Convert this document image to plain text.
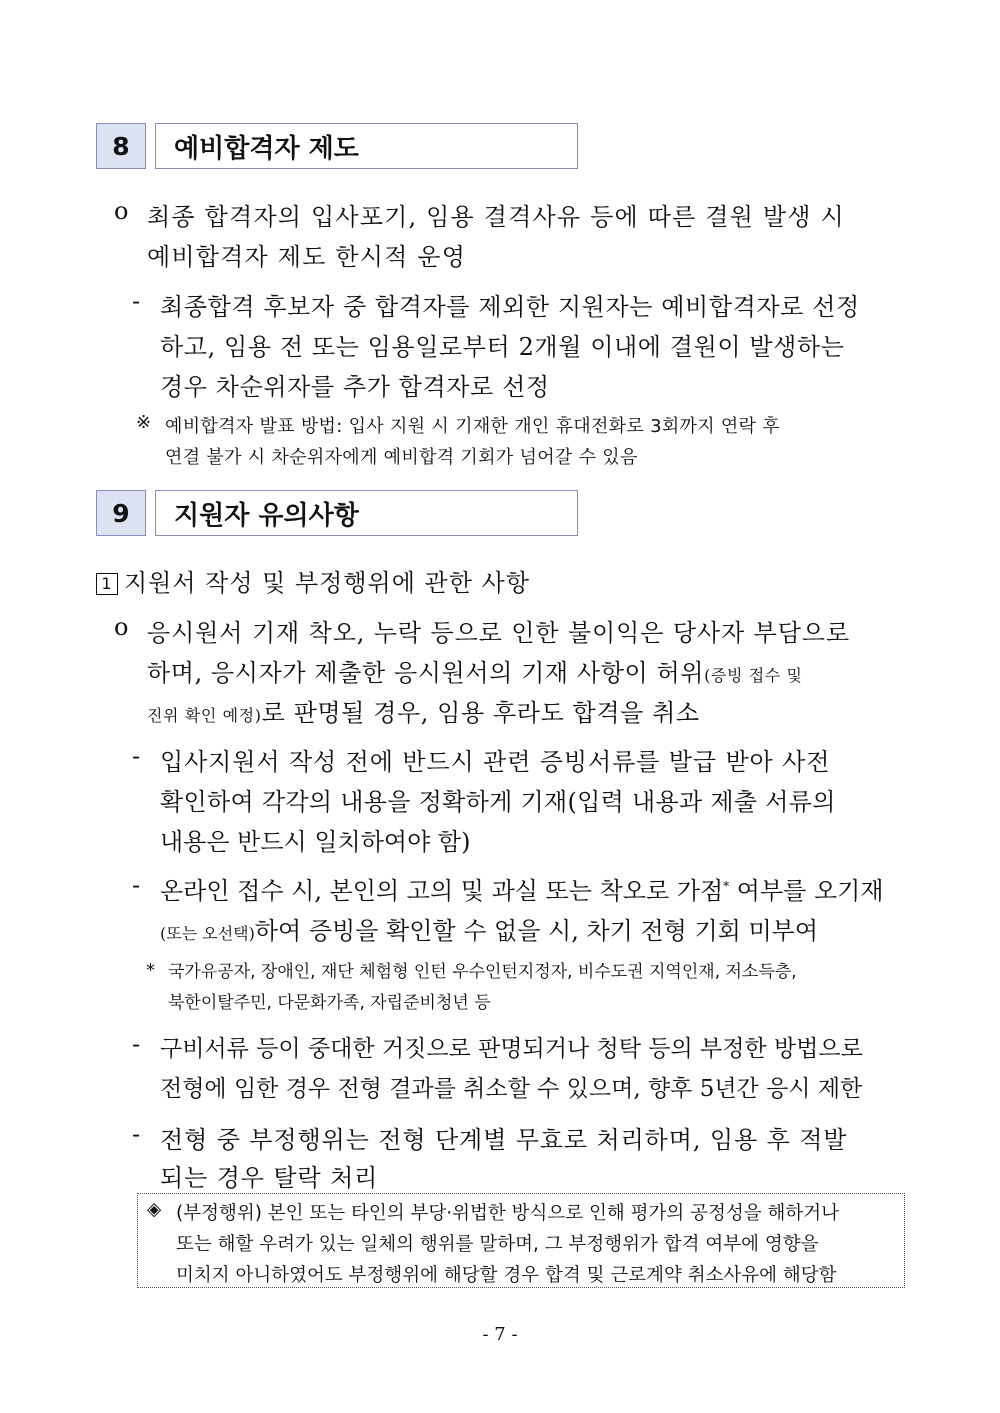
8	예비합격자 제도
o 최종 합격자의 입사포기, 임용 결격사유 등에 따른 결원 발생 시
예비합격자 제도 한시적 운영
- 최종합격 후보자 중 합격자를 제외한 지원자는 예비합격자로 선정
하고, 임용 전 또는 임용일로부터 2개월 이내에 결원이 발생하는
경우 차순위자를 추가 합격자로 선정
※ 예비합격자 발표 방법: 입사 지원 시 기재한 개인 휴대전화로 3회까지 연락 후
연결 불가 시 차순위자에게 예비합격 기회가 넘어갈 수 있음
9	지원자 유의사항
1 지원서 작성 및 부정행위에 관한 사항
o 응시원서 기재 착오, 누락 등으로 인한 불이익은 당사자 부담으로
하며, 응시자가 제출한 응시원서의 기재 사항이 허위(증빙 접수 및
진위 확인 예정)로 판명될 경우, 임용 후라도 합격을 취소
- 입사지원서 작성 전에 반드시 관련 증빙서류를 발급 받아 사전
확인하여 각각의 내용을 정확하게 기재(입력 내용과 제출 서류의
내용은 반드시 일치하여야 함)
- 온라인 접수 시, 본인의 고의 및 과실 또는 착오로 가점* 여부를 오기재
(또는 오선택)하여 증빙을 확인할 수 없을 시, 차기 전형 기회 미부여
* 국가유공자, 장애인, 재단 체험형 인턴 우수인턴지정자, 비수도권 지역인재, 저소득층,
북한이탈주민, 다문화가족, 자립준비청년 등
- 구비서류 등이 중대한 거짓으로 판명되거나 청탁 등의 부정한 방법으로
전형에 임한 경우 전형 결과를 취소할 수 있으며, 향후 5년간 응시 제한
- 전형 중 부정행위는 전형 단계별 무효로 처리하며, 임용 후 적발
되는 경우 탈락 처리
◈ (부정행위) 본인 또는 타인의 부당·위법한 방식으로 인해 평가의 공정성을 해하거나
또는 해할 우려가 있는 일체의 행위를 말하며, 그 부정행위가 합격 여부에 영향을
미치지 아니하였어도 부정행위에 해당할 경우 합격 및 근로계약 취소사유에 해당함
- 7 -
